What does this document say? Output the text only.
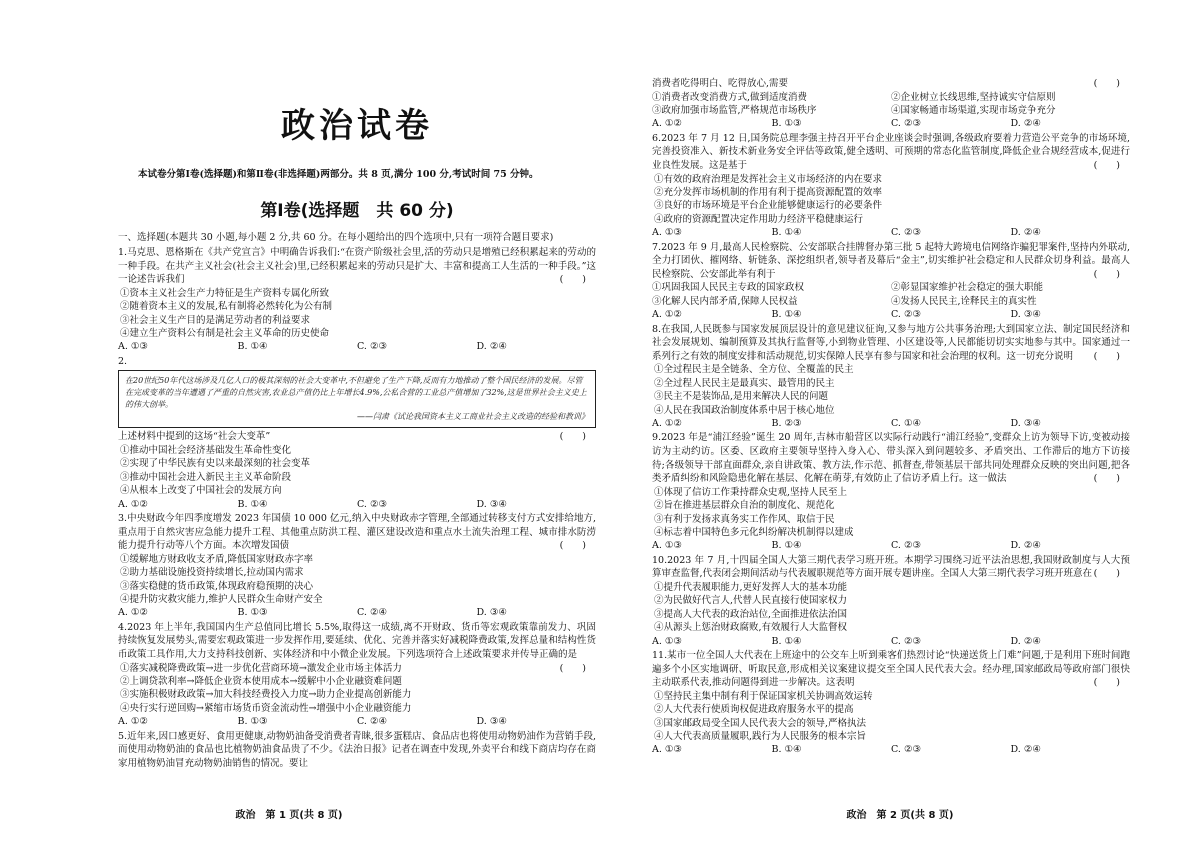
政治试卷
本试卷分第Ⅰ卷(选择题)和第Ⅱ卷(非选择题)两部分。共 8 页,满分 100 分,考试时间 75 分钟。
第Ⅰ卷(选择题　共 60 分)
一、选择题(本题共 30 小题,每小题 2 分,共 60 分。在每小题给出的四个选项中,只有一项符合题目要求)
1.马克思、恩格斯在《共产党宣言》中明确告诉我们:“在资产阶级社会里,活的劳动只是增殖已经积累起来的劳动的一种手段。在共产主义社会(社会主义社会)里,已经积累起来的劳动只是扩大、丰富和提高工人生活的一种手段。”这一论述告诉我们	(　　)
①资本主义社会生产力特征是生产资料专属化所致
②随着资本主义的发展,私有制将必然转化为公有制
③社会主义生产目的是满足劳动者的利益要求
④建立生产资料公有制是社会主义革命的历史使命
A. ①③	B. ①④	C. ②③	D. ②④
2.
在20世纪50年代这场涉及几亿人口的极其深刻的社会大变革中,不但避免了生产下降,反而有力地推动了整个国民经济的发展。尽管在完成变革的当年遭遇了严重的自然灾害,农业总产值仍比上年增长4.9%,公私合营的工业总产值增加了32%,这是世界社会主义史上的伟大创举。
——闫肃《试论我国资本主义工商业社会主义改造的经验和教训》
上述材料中提到的这场“社会大变革”	(　　)
①推动中国社会经济基础发生革命性变化
②实现了中华民族有史以来最深刻的社会变革
③推动中国社会进入新民主主义革命阶段
④从根本上改变了中国社会的发展方向
A. ①②	B. ①④	C. ②③	D. ③④
3.中央财政今年四季度增发 2023 年国债 10 000 亿元,纳入中央财政赤字管理,全部通过转移支付方式安排给地方,重点用于自然灾害应急能力提升工程、其他重点防洪工程、灌区建设改造和重点水土流失治理工程、城市排水防涝能力提升行动等八个方面。本次增发国债	(　　)
①缓解地方财政收支矛盾,降低国家财政赤字率
②助力基础设施投资持续增长,拉动国内需求
③落实稳健的货币政策,体现政府稳预期的决心
④提升防灾救灾能力,维护人民群众生命财产安全
A. ①②	B. ①③	C. ②④	D. ③④
4.2023 年上半年,我国国内生产总值同比增长 5.5%,取得这一成绩,离不开财政、货币等宏观政策靠前发力、巩固持续恢复发展势头,需要宏观政策进一步发挥作用,要延续、优化、完善并落实好减税降费政策,发挥总量和结构性货币政策工具作用,大力支持科技创新、实体经济和中小微企业发展。下列选项符合上述政策要求并传导正确的是
(　　)
①落实减税降费政策→进一步优化营商环境→激发企业市场主体活力
②上调贷款利率→降低企业资本使用成本→缓解中小企业融资难问题
③实施积极财政政策→加大科技经费投入力度→助力企业提高创新能力
④央行实行逆回购→紧缩市场货币资金流动性→增强中小企业融资能力
A. ①②	B. ①③	C. ②④	D. ③④
5.近年来,因口感更好、食用更健康,动物奶油备受消费者青睐,很多蛋糕店、食品店也将使用动物奶油作为营销手段,而使用动物奶油的食品也比植物奶油食品贵了不少。《法治日报》记者在调查中发现,外卖平台和线下商店均存在商家用植物奶油冒充动物奶油销售的情况。要让
政治　第 1 页(共 8 页)
消费者吃得明白、吃得放心,需要	(　　)
①消费者改变消费方式,做到适度消费	②企业树立长线思维,坚持诚实守信原则
③政府加强市场监管,严格规范市场秩序	④国家畅通市场渠道,实现市场竞争充分
A. ①②	B. ①③	C. ②③	D. ②④
6.2023 年 7 月 12 日,国务院总理李强主持召开平台企业座谈会时强调,各级政府要着力营造公平竞争的市场环境,完善投资准入、新技术新业务安全评估等政策,健全透明、可预期的常态化监管制度,降低企业合规经营成本,促进行业良性发展。这是基于	(　　)
①有效的政府治理是发挥社会主义市场经济的内在要求
②充分发挥市场机制的作用有利于提高资源配置的效率
③良好的市场环境是平台企业能够健康运行的必要条件
④政府的资源配置决定作用助力经济平稳健康运行
A. ①③	B. ①④	C. ②③	D. ②④
7.2023 年 9 月,最高人民检察院、公安部联合挂牌督办第三批 5 起特大跨境电信网络诈骗犯罪案件,坚持内外联动,全力打团伙、摧网络、斩链条、深挖组织者,领导者及幕后“金主”,切实维护社会稳定和人民群众切身利益。最高人民检察院、公安部此举有利于	(　　)
①巩固我国人民民主专政的国家政权	②彰显国家维护社会稳定的强大职能
③化解人民内部矛盾,保障人民权益	④发扬人民民主,诠释民主的真实性
A. ①②	B. ①④	C. ②③	D. ③④
8.在我国,人民既参与国家发展顶层设计的意见建议征询,又参与地方公共事务治理;大到国家立法、制定国民经济和社会发展规划、编制预算及其执行监督等,小到物业管理、小区建设等,人民都能切切实实地参与其中。国家通过一系列行之有效的制度安排和活动规范,切实保障人民享有参与国家和社会治理的权利。这一切充分说明 (　　)
①全过程民主是全链条、全方位、全覆盖的民主
②全过程人民民主是最真实、最管用的民主
③民主不是装饰品,是用来解决人民的问题
④人民在我国政治制度体系中居于核心地位
A. ①②	B. ②③	C. ①④	D. ③④
9.2023 年是“浦江经验”诞生 20 周年,吉林市船营区以实际行动践行“浦江经验”,变群众上访为领导下访,变被动接访为主动约访。区委、区政府主要领导坚持入身入心、带头深入到问题较多、矛盾突出、工作滞后的地方下访接待;各级领导干部直面群众,亲自讲政策、教方法,作示范、抓督查,带领基层干部共同处理群众反映的突出问题,把各类矛盾纠纷和风险隐患化解在基层、化解在萌芽,有效防止了信访矛盾上行。这一做法	(　　)
①体现了信访工作秉持群众史观,坚持人民至上
②旨在推进基层群众自治的制度化、规范化
③有利于发扬求真务实工作作风、取信于民
④标志着中国特色多元化纠纷解决机制得以建成
A. ①③	B. ①④	C. ②③	D. ②④
10.2023 年 7 月,十四届全国人大第三期代表学习班开班。本期学习围绕习近平法治思想,我国财政制度与人大预算审查监督,代表闭会期间活动与代表履职规范等方面开展专题讲座。全国人大第三期代表学习班开班意在 (　　)
①提升代表履职能力,更好发挥人大的基本功能
②为民做好代言人,代替人民直接行使国家权力
③提高人大代表的政治站位,全面推进依法治国
④从源头上惩治财政腐败,有效履行人大监督权
A. ①③	B. ①④	C. ②③	D. ②④
11.某市一位全国人大代表在上班途中的公交车上听到乘客们热烈讨论“快递送货上门难”问题,于是利用下班时间跑遍多个小区实地调研、听取民意,形成相关议案建议提交至全国人民代表大会。经办理,国家邮政局等政府部门很快主动联系代表,推动问题得到进一步解决。这表明	(　　)
①坚持民主集中制有利于保证国家机关协调高效运转
②人大代表行使质询权促进政府服务水平的提高
③国家邮政局受全国人民代表大会的领导,严格执法
④人大代表高质量履职,践行为人民服务的根本宗旨
A. ①③	B. ①④	C. ②③	D. ②④
政治　第 2 页(共 8 页)
